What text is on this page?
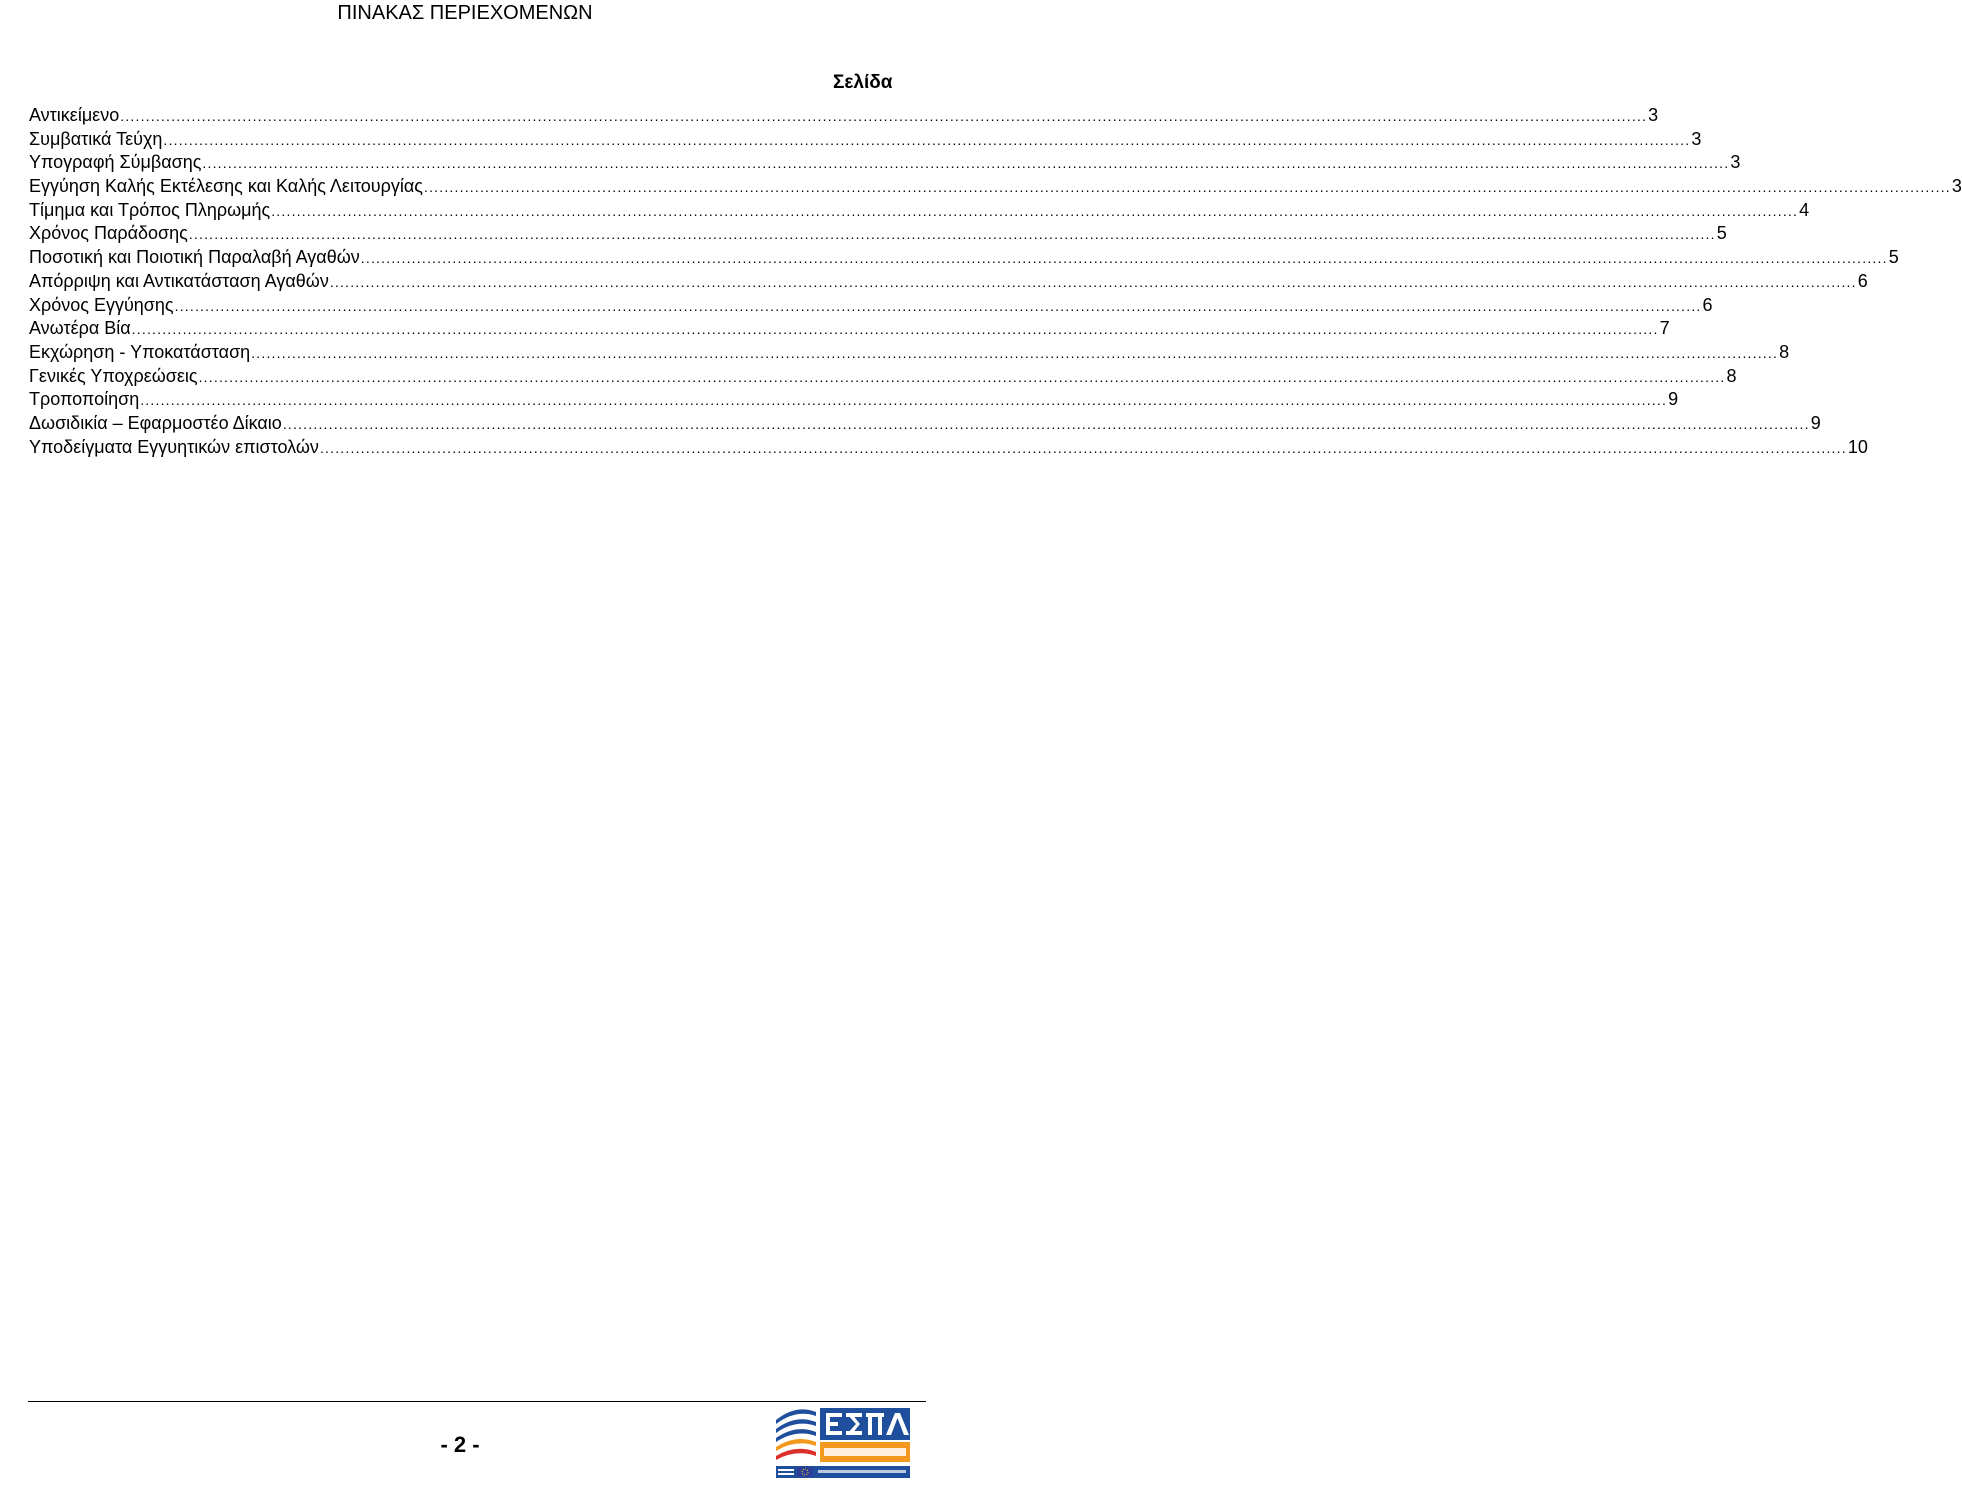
ΠΙΝΑΚΑΣ ΠΕΡΙΕΧΟΜΕΝΩΝ
Σελίδα
Αντικείμενο ............................................................................................................................................................................................................................................................................................................ 3
Συμβατικά Τεύχη ............................................................................................................................................................................................................................................................................................................ 3
Υπογραφή Σύμβασης ............................................................................................................................................................................................................................................................................................................ 3
Εγγύηση Καλής Εκτέλεσης και Καλής Λειτουργίας ............................................................................................................................................................................................................................................................................................................ 3
Τίμημα και Τρόπος Πληρωμής ............................................................................................................................................................................................................................................................................................................ 4
Χρόνος Παράδοσης ............................................................................................................................................................................................................................................................................................................ 5
Ποσοτική και Ποιοτική Παραλαβή Αγαθών ............................................................................................................................................................................................................................................................................................................ 5
Απόρριψη και Αντικατάσταση Αγαθών ............................................................................................................................................................................................................................................................................................................ 6
Χρόνος Εγγύησης ............................................................................................................................................................................................................................................................................................................ 6
Ανωτέρα Βία ............................................................................................................................................................................................................................................................................................................ 7
Εκχώρηση - Υποκατάσταση ............................................................................................................................................................................................................................................................................................................ 8
Γενικές Υποχρεώσεις ............................................................................................................................................................................................................................................................................................................ 8
Τροποποίηση ............................................................................................................................................................................................................................................................................................................ 9
Δωσιδικία – Εφαρμοστέο Δίκαιο ............................................................................................................................................................................................................................................................................................................ 9
Υποδείγματα Εγγυητικών επιστολών ............................................................................................................................................................................................................................................................................................................ 10
- 2 -
